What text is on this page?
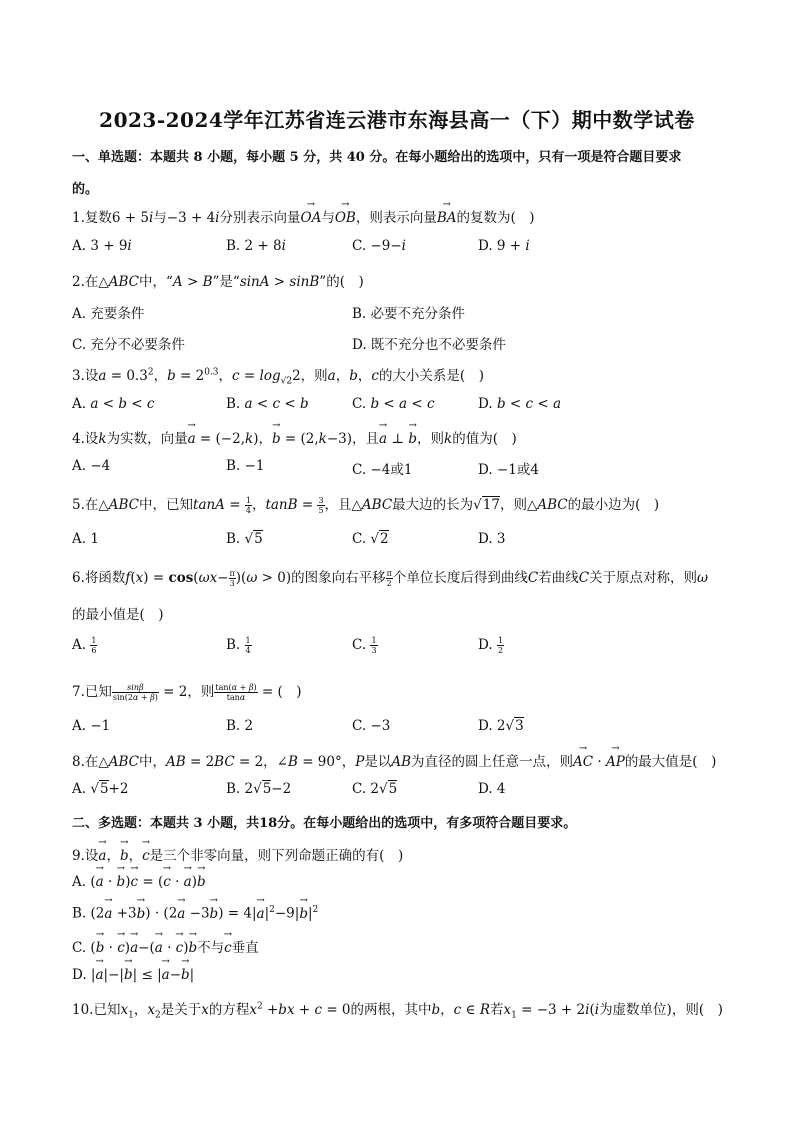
2023-2024学年江苏省连云港市东海县高一（下）期中数学试卷
一、单选题：本题共 8 小题，每小题 5 分，共 40 分。在每小题给出的选项中，只有一项是符合题目要求
的。
1.复数6 + 5i与−3 + 4i分别表示向量→ OA与→ OB，则表示向量→ BA的复数为(　)
A. 3 + 9i	B. 2 + 8i	C. −9−i	D. 9 + i
2.在△ABC中，“A > B”是“sinA > sinB”的(　)
A. 充要条件	B. 必要不充分条件
C. 充分不必要条件	D. 既不充分也不必要条件
3.设$a = 0.3^2$，$b = 2^{0.3}$，$c = \log_{√2}2$，则a，b，c的大小关系是(　)
A. a < b < c	B. a < c < b	C. b < a < c	D. b < c < a
4.设k为实数，向量→ a = (−2,k)，→ b = (2,k−3)，且→ a ⊥ → b，则k的值为(　)
A. −4	B. −1	C. −4或1	D. −1或4
5.在△ABC中，已知$\tan A = \frac{1}{4}$ ，$\tan B = \frac{3}{5}$ ，且△ABC最大边的长为√17，则△ABC的最小边为(　)
A. 1	B. √5	C. √2	D. 3
6.将函数$f(x) = \cos(\omega x- \frac{\pi}{3} )(\omega > 0)$的图象向右平移 $\frac{\pi}{2}$ 个单位长度后得到曲线C若曲线C关于原点对称，则ω
的最小值是(　)
A. $\frac{1}{6}$	B. $\frac{1}{4}$	C. $\frac{1}{3}$	D. $\frac{1}{2}$
7.已知 $\frac{\sin\beta}{\sin(2\alpha + \beta)} = 2$，则 $\frac{\tan(\alpha + \beta)}{\tan\alpha}$ = (　)
A. −1	B. 2	C. −3	D. 2√3
8.在△ABC中，AB = 2BC = 2，∠B = 90°，P是以AB为直径的圆上任意一点，则→ AC · → AP的最大值是(　)
A. √5+2	B. 2√5−2	C. 2√5	D. 4
二、多选题：本题共 3 小题，共18分。在每小题给出的选项中，有多项符合题目要求。
9.设→ a，→ b，→ c是三个非零向量，则下列命题正确的有(　)
A. (→ a · → b)→ c = (→ c · → a)→ b
B. $(2\to a +3\to b) \cdot (2\to a -3\to b) = 4|\to a|^2-9|\to b|^2$
C. (→ b · → c)→ a−(→ a · → c)→ b不与→ c垂直
D. |→ a|−|→ b| ≤ |→ a−→ b|
10.已知$x_1$，$x_2$是关于x的方程$x^2 +bx + c = 0$的两根，其中b，c ∈ R若$x_1 = -3 + 2i(i$为虚数单位)，则(　)
